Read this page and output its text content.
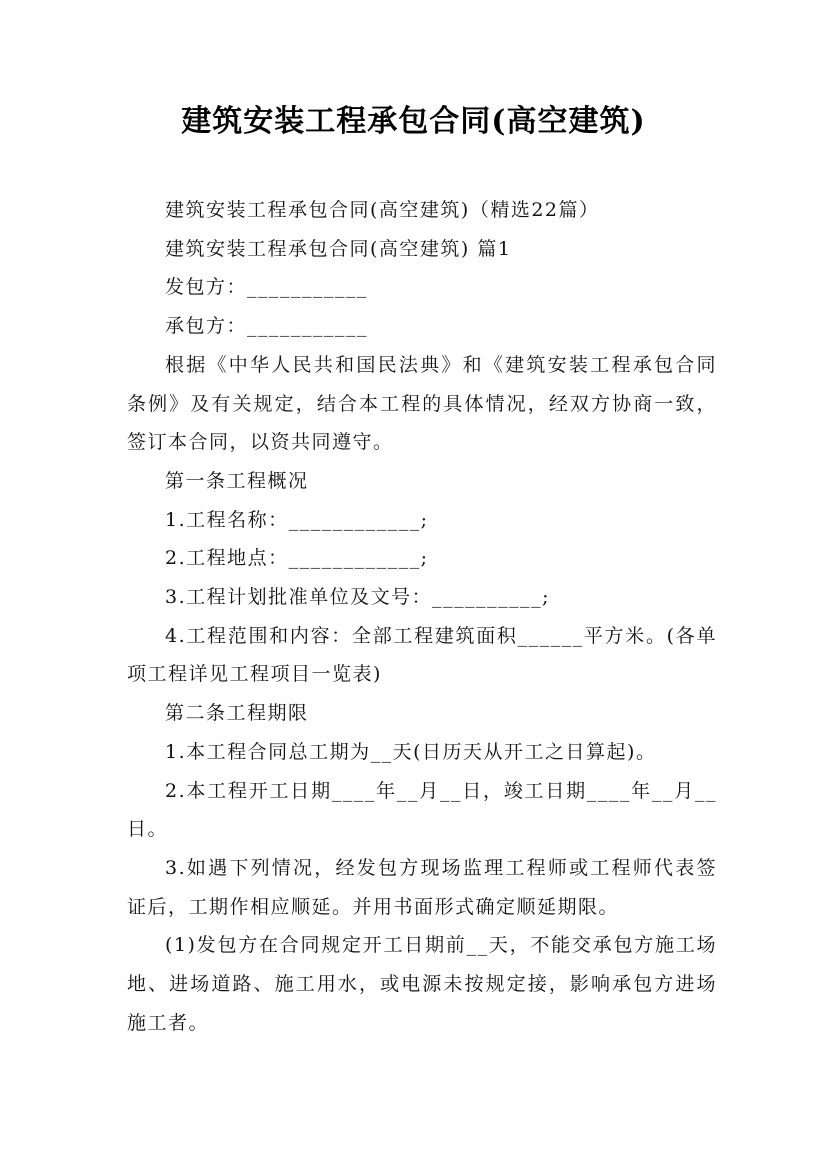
建筑安装工程承包合同(高空建筑)

建筑安装工程承包合同(高空建筑)（精选22篇）

建筑安装工程承包合同(高空建筑) 篇1

发包方：___________

承包方：___________

根据《中华人民共和国民法典》和《建筑安装工程承包合同条例》及有关规定，结合本工程的具体情况，经双方协商一致，签订本合同，以资共同遵守。

第一条工程概况

1.工程名称：____________;

2.工程地点：____________;

3.工程计划批准单位及文号：__________;

4.工程范围和内容：全部工程建筑面积______平方米。(各单项工程详见工程项目一览表)

第二条工程期限

1.本工程合同总工期为__天(日历天从开工之日算起)。

2.本工程开工日期____年__月__日，竣工日期____年__月__日。

3.如遇下列情况，经发包方现场监理工程师或工程师代表签证后，工期作相应顺延。并用书面形式确定顺延期限。

(1)发包方在合同规定开工日期前__天，不能交承包方施工场地、进场道路、施工用水，或电源未按规定接，影响承包方进场施工者。
